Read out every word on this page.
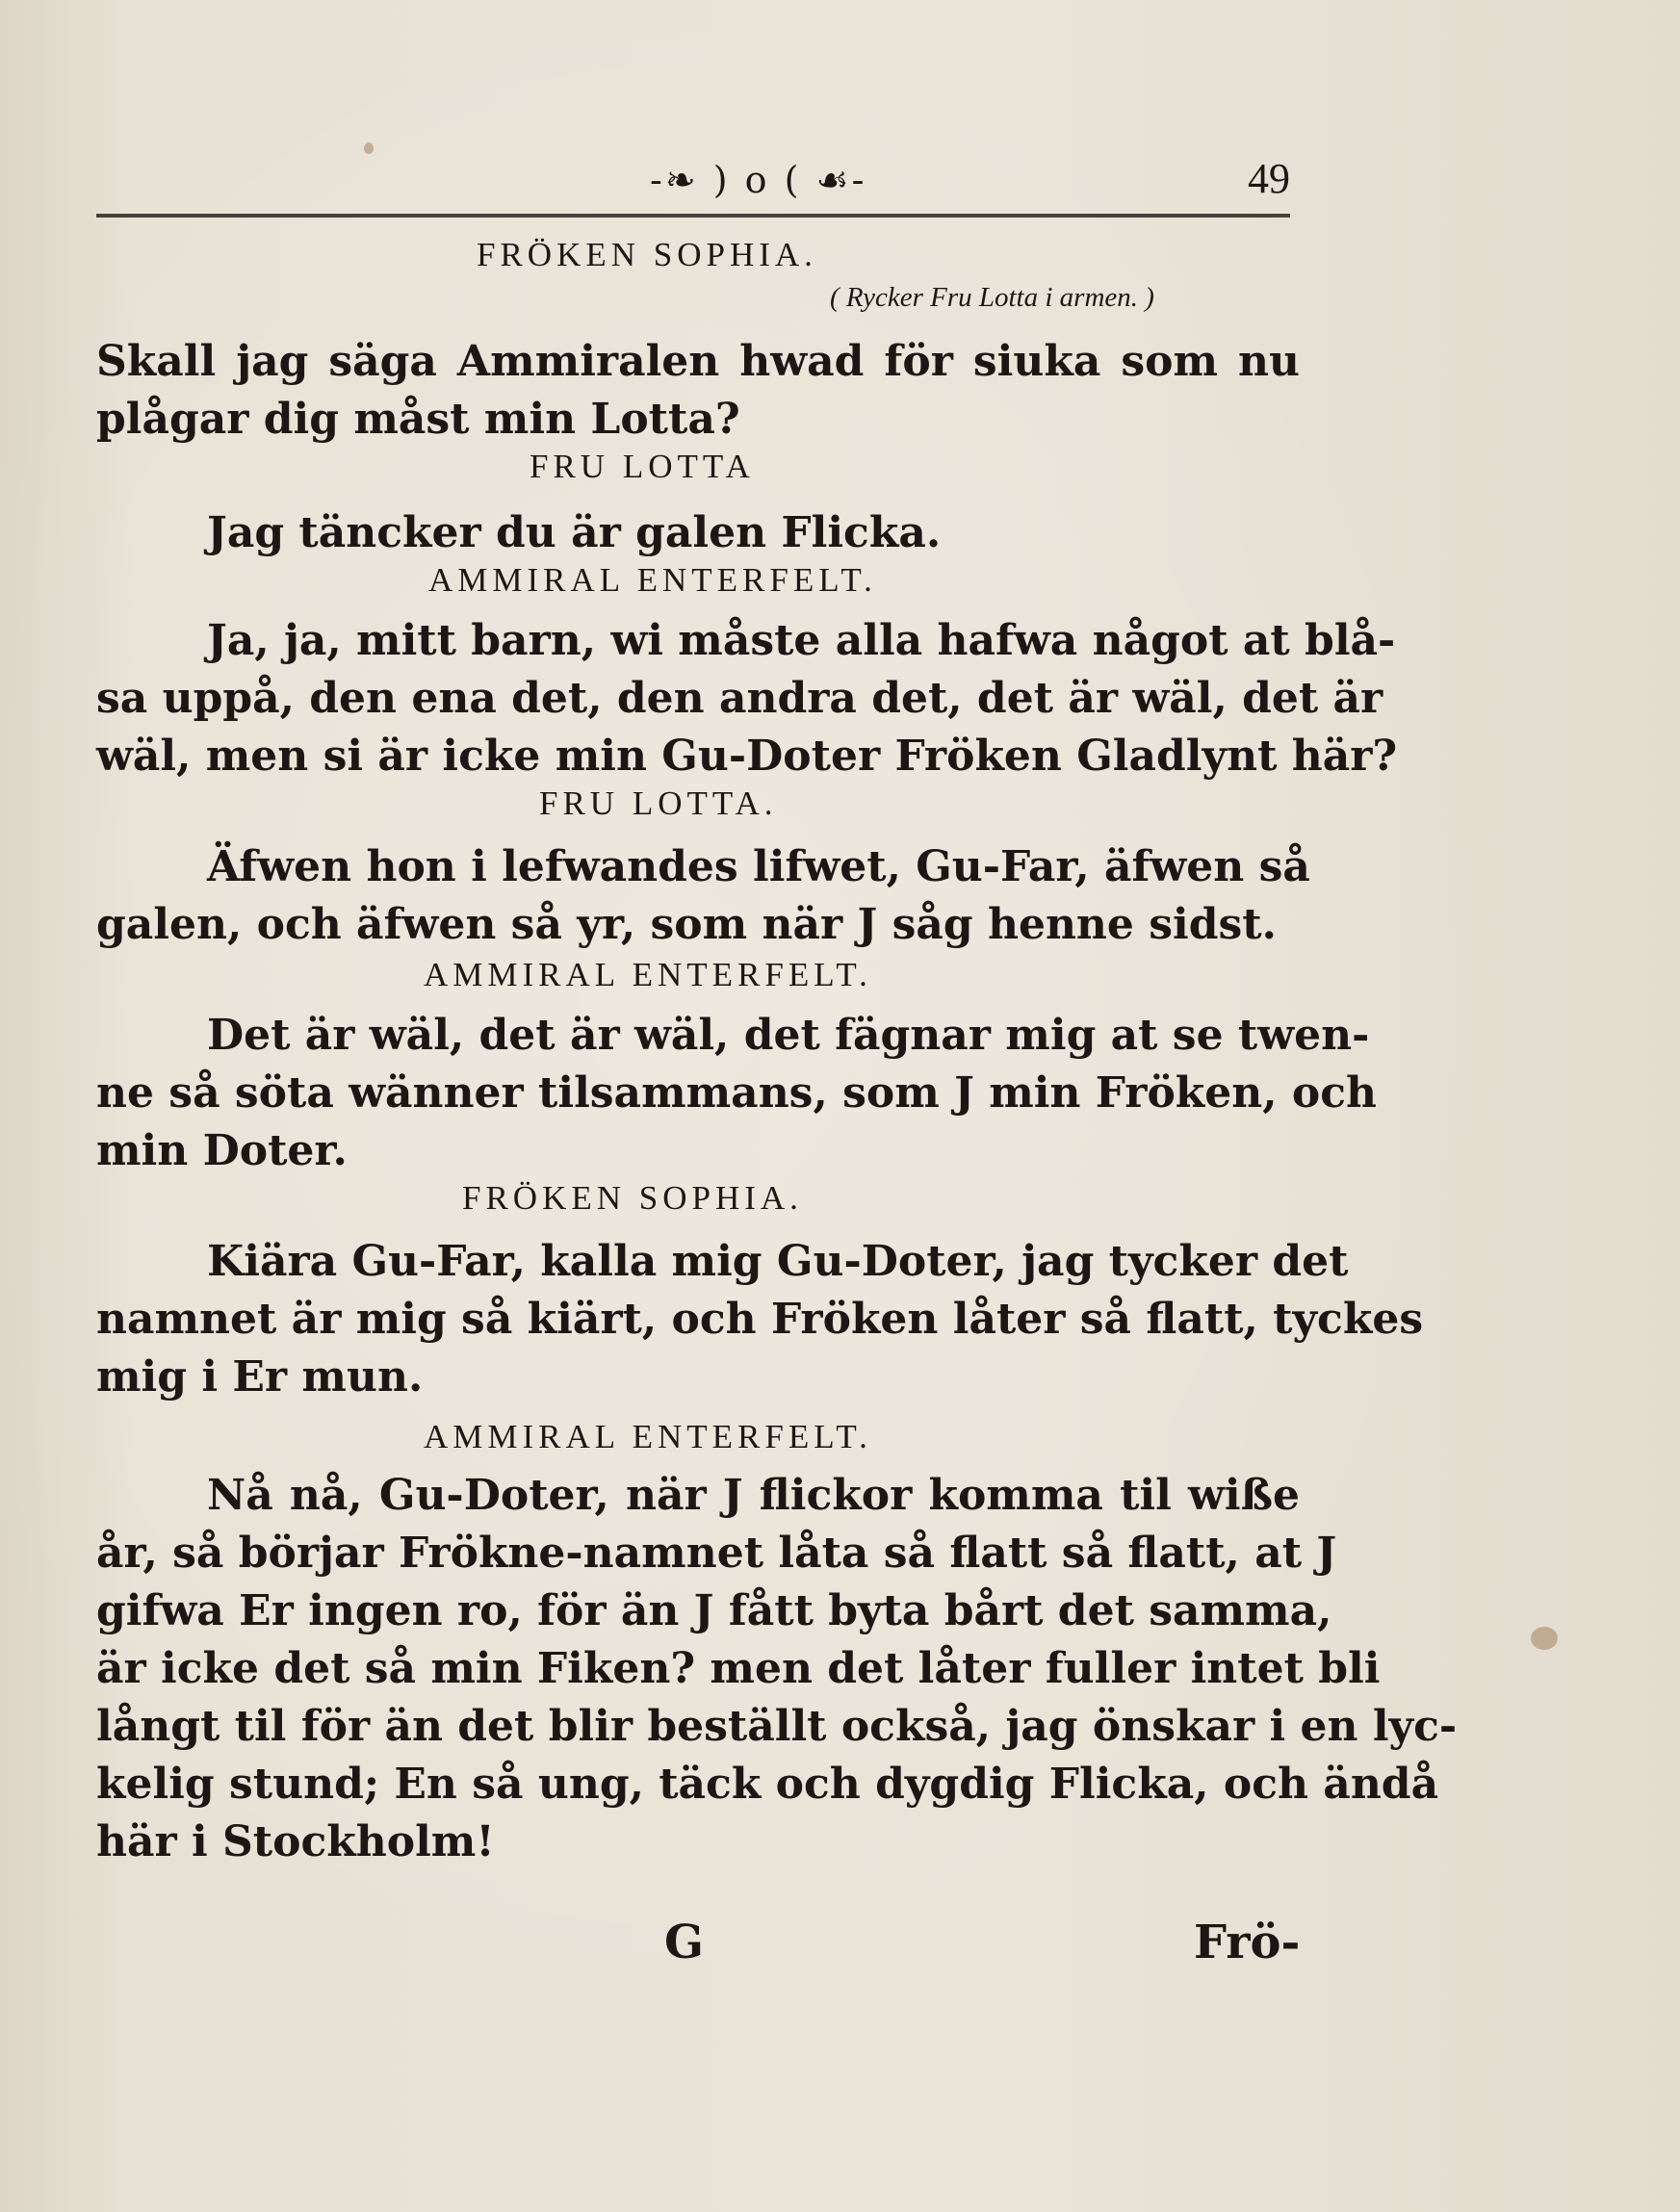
-❧ ) o ( ☙-	49
FRÖKEN SOPHIA.
( Rycker Fru Lotta i armen. )
Skall jag säga Ammiralen hwad för siuka som nu
plågar dig måst min Lotta?
FRU LOTTA
Jag täncker du är galen Flicka.
AMMIRAL ENTERFELT.
Ja, ja, mitt barn, wi måste alla hafwa något at blå-
sa uppå, den ena det, den andra det, det är wäl, det är
wäl, men si är icke min Gu-Doter Fröken Gladlynt här?
FRU LOTTA.
Äfwen hon i lefwandes lifwet, Gu-Far, äfwen så
galen, och äfwen så yr, som när J såg henne sidst.
AMMIRAL ENTERFELT.
Det är wäl, det är wäl, det fägnar mig at se twen-
ne så söta wänner tilsammans, som J min Fröken, och
min Doter.
FRÖKEN SOPHIA.
Kiära Gu-Far, kalla mig Gu-Doter, jag tycker det
namnet är mig så kiärt, och Fröken låter så flatt, tyckes
mig i Er mun.
AMMIRAL ENTERFELT.
Nå nå, Gu-Doter, när J flickor komma til wiße
år, så börjar Frökne-namnet låta så flatt så flatt, at J
gifwa Er ingen ro, för än J fått byta bårt det samma,
är icke det så min Fiken? men det låter fuller intet bli
långt til för än det blir beställt också, jag önskar i en lyc-
kelig stund; En så ung, täck och dygdig Flicka, och ändå
här i Stockholm!
G	Frö-
